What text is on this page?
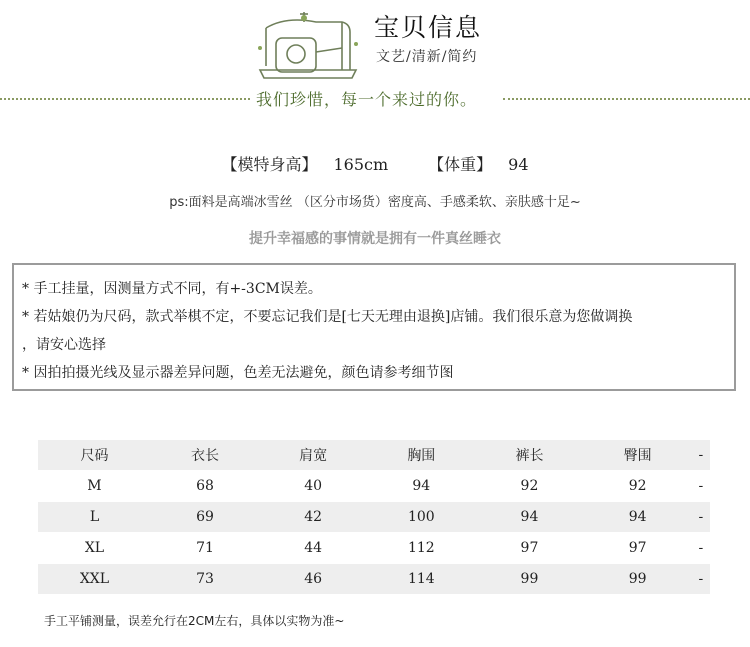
宝贝信息
文艺/清新/简约
我们珍惜，每一个来过的你。
【模特身高】 165cm	【体重】 94
ps:面料是高端冰雪丝 （区分市场货）密度高、手感柔软、亲肤感十足~
提升幸福感的事情就是拥有一件真丝睡衣
* 手工挂量，因测量方式不同，有+-3CM误差。
* 若姑娘仍为尺码，款式举棋不定，不要忘记我们是[七天无理由退换]店铺。我们很乐意为您做调换
，请安心选择
* 因拍拍摄光线及显示器差异问题，色差无法避免，颜色请参考细节图
尺码	衣长	肩宽	胸围	裤长	臀围	-
M	68	40	94	92	92	-
L	69	42	100	94	94	-
XL	71	44	112	97	97	-
XXL	73	46	114	99	99	-
手工平铺测量，误差允行在2CM左右，具体以实物为准~
